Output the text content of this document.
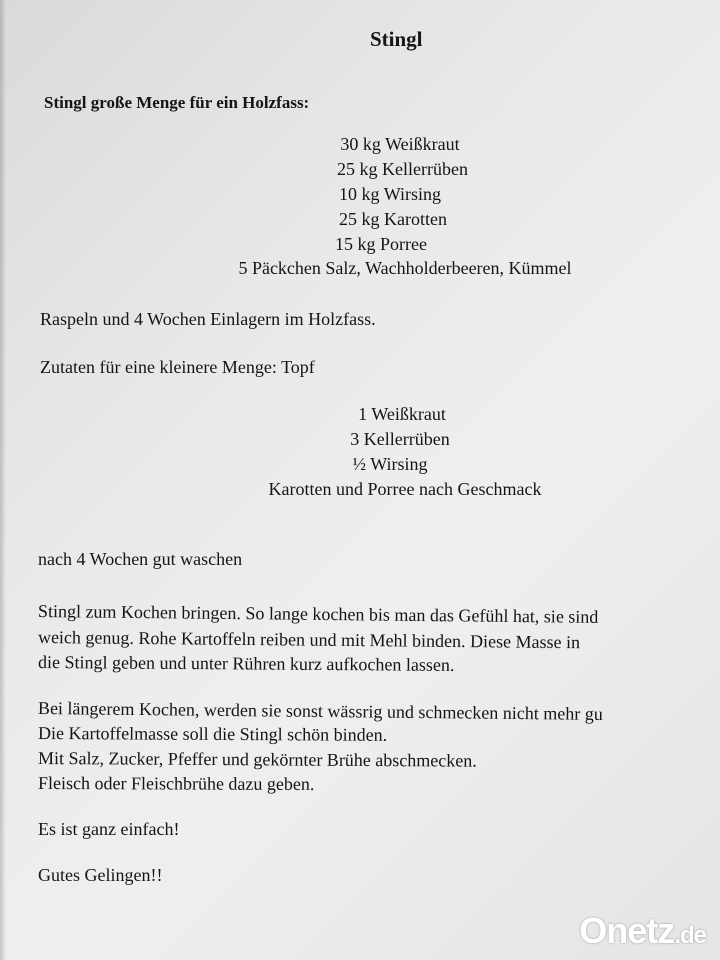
Stingl
Stingl große Menge für ein Holzfass:
30 kg Weißkraut
25 kg Kellerrüben
10 kg Wirsing
25 kg Karotten
15 kg Porree
5 Päckchen Salz, Wachholderbeeren, Kümmel
Raspeln und 4 Wochen Einlagern im Holzfass.
Zutaten für eine kleinere Menge: Topf
1 Weißkraut
3 Kellerrüben
½ Wirsing
Karotten und Porree nach Geschmack
nach 4 Wochen gut waschen
Stingl zum Kochen bringen. So lange kochen bis man das Gefühl hat, sie sind
weich genug. Rohe Kartoffeln reiben und mit Mehl binden. Diese Masse in
die Stingl geben und unter Rühren kurz aufkochen lassen.
Bei längerem Kochen, werden sie sonst wässrig und schmecken nicht mehr gu
Die Kartoffelmasse soll die Stingl schön binden.
Mit Salz, Zucker, Pfeffer und gekörnter Brühe abschmecken.
Fleisch oder Fleischbrühe dazu geben.
Es ist ganz einfach!
Gutes Gelingen!!
Onetz.de
